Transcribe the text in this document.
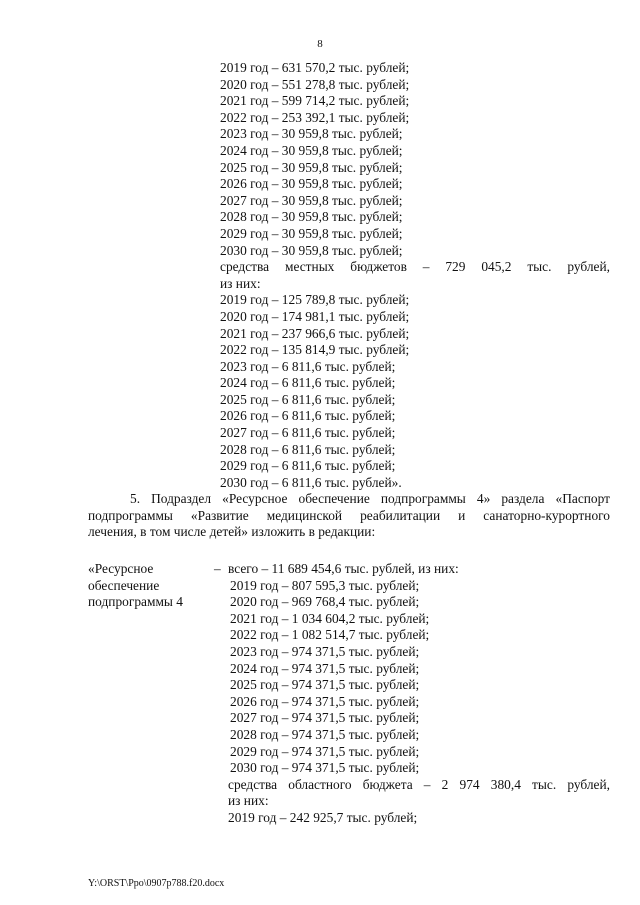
8
2019 год – 631 570,2 тыс. рублей;
2020 год – 551 278,8 тыс. рублей;
2021 год – 599 714,2 тыс. рублей;
2022 год – 253 392,1 тыс. рублей;
2023 год – 30 959,8 тыс. рублей;
2024 год – 30 959,8 тыс. рублей;
2025 год – 30 959,8 тыс. рублей;
2026 год – 30 959,8 тыс. рублей;
2027 год – 30 959,8 тыс. рублей;
2028 год – 30 959,8 тыс. рублей;
2029 год – 30 959,8 тыс. рублей;
2030 год – 30 959,8 тыс. рублей;
средства местных бюджетов – 729 045,2 тыс. рублей,
из них:
2019 год – 125 789,8 тыс. рублей;
2020 год – 174 981,1 тыс. рублей;
2021 год – 237 966,6 тыс. рублей;
2022 год – 135 814,9 тыс. рублей;
2023 год – 6 811,6 тыс. рублей;
2024 год – 6 811,6 тыс. рублей;
2025 год – 6 811,6 тыс. рублей;
2026 год – 6 811,6 тыс. рублей;
2027 год – 6 811,6 тыс. рублей;
2028 год – 6 811,6 тыс. рублей;
2029 год – 6 811,6 тыс. рублей;
2030 год – 6 811,6 тыс. рублей».
5. Подраздел «Ресурсное обеспечение подпрограммы 4» раздела «Паспорт
подпрограммы «Развитие медицинской реабилитации и санаторно-курортного
лечения, в том числе детей» изложить в редакции:
«Ресурсное
обеспечение
подпрограммы 4
– всего – 11 689 454,6 тыс. рублей, из них:
2019 год – 807 595,3 тыс. рублей;
2020 год – 969 768,4 тыс. рублей;
2021 год – 1 034 604,2 тыс. рублей;
2022 год – 1 082 514,7 тыс. рублей;
2023 год – 974 371,5 тыс. рублей;
2024 год – 974 371,5 тыс. рублей;
2025 год – 974 371,5 тыс. рублей;
2026 год – 974 371,5 тыс. рублей;
2027 год – 974 371,5 тыс. рублей;
2028 год – 974 371,5 тыс. рублей;
2029 год – 974 371,5 тыс. рублей;
2030 год – 974 371,5 тыс. рублей;
средства областного бюджета – 2 974 380,4 тыс. рублей,
из них:
2019 год – 242 925,7 тыс. рублей;
Y:\ORST\Ppo\0907p788.f20.docx
